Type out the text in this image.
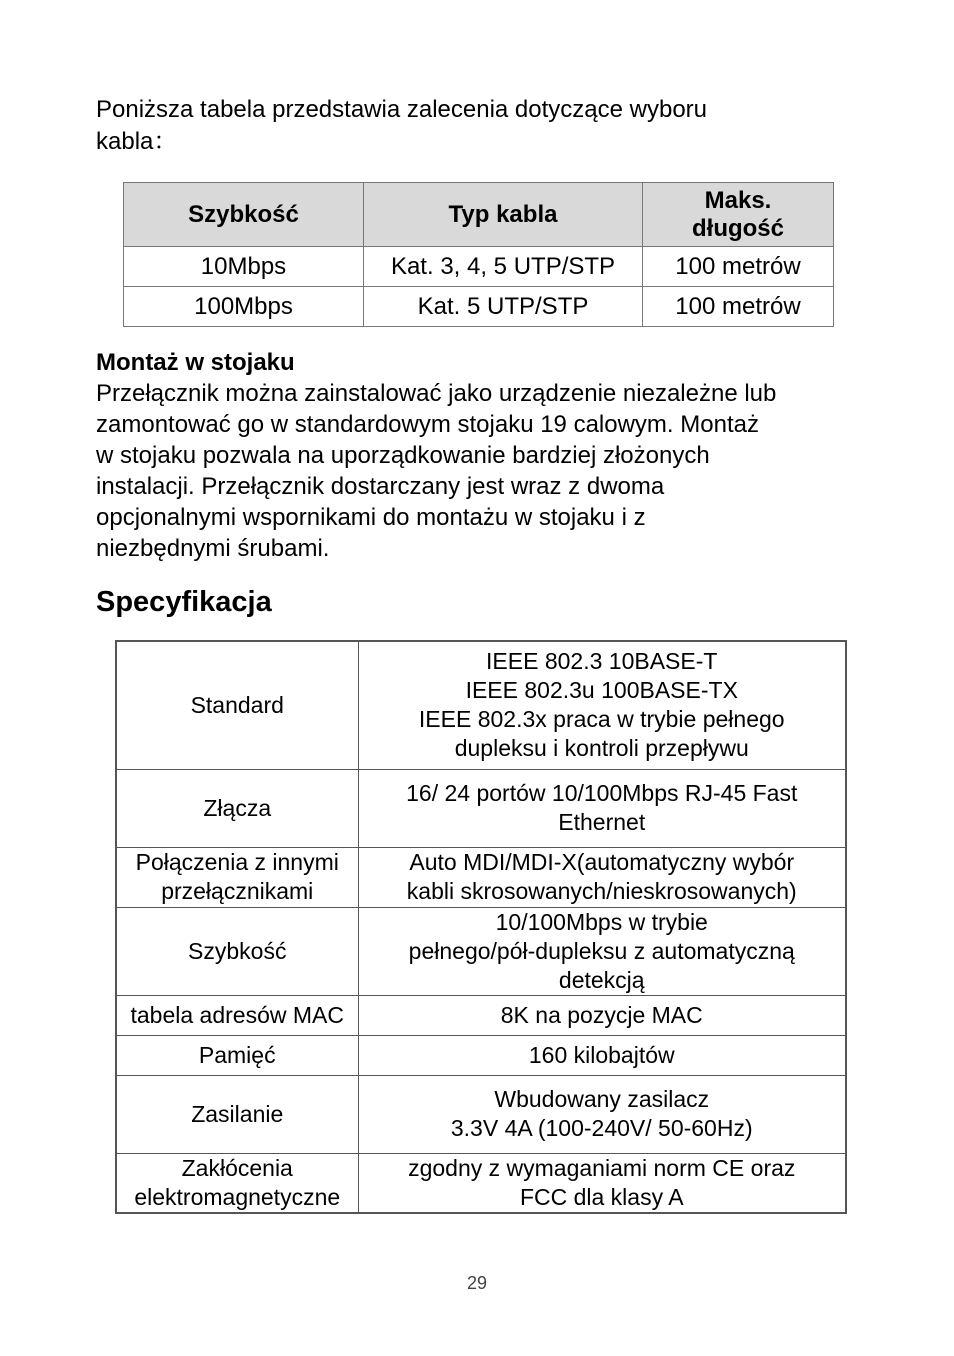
Poniższa tabela przedstawia zalecenia dotyczące wyboru
kabla：
Szybkość	Typ kabla	Maks.
długość

10Mbps	Kat. 3, 4, 5 UTP/STP	100 metrów
100Mbps	Kat. 5 UTP/STP	100 metrów
Montaż w stojaku
Przełącznik można zainstalować jako urządzenie niezależne lub
zamontować go w standardowym stojaku 19 calowym. Montaż
w stojaku pozwala na uporządkowanie bardziej złożonych
instalacji. Przełącznik dostarczany jest wraz z dwoma
opcjonalnymi wspornikami do montażu w stojaku i z
niezbędnymi śrubami.
Specyfikacja
Standard	IEEE 802.3 10BASE-T
IEEE 802.3u 100BASE-TX
IEEE 802.3x praca w trybie pełnego
dupleksu i kontroli przepływu

Złącza	16/ 24 portów 10/100Mbps RJ-45 Fast
Ethernet

Połączenia z innymi
przełącznikami	Auto MDI/MDI-X(automatyczny wybór
kabli skrosowanych/nieskrosowanych)

Szybkość	10/100Mbps w trybie
pełnego/pół-dupleksu z automatyczną
detekcją

tabela adresów MAC	8K na pozycje MAC

Pamięć	160 kilobajtów

Zasilanie	Wbudowany zasilacz
3.3V 4A (100-240V/ 50-60Hz)

Zakłócenia
elektromagnetyczne	zgodny z wymaganiami norm CE oraz
FCC dla klasy A
29
